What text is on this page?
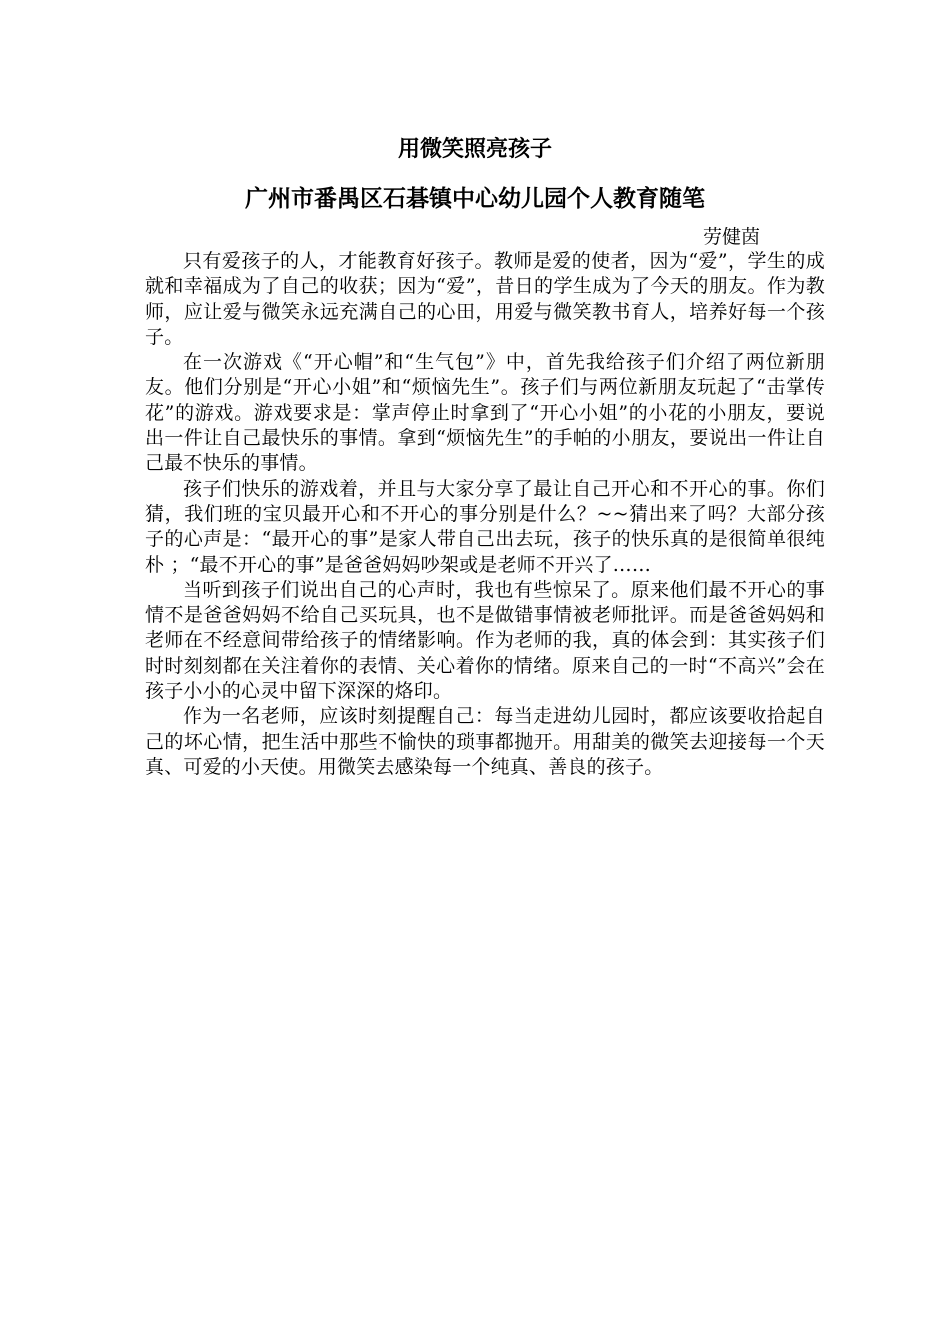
用微笑照亮孩子
广州市番禺区石碁镇中心幼儿园个人教育随笔

劳健茵

只有爱孩子的人，才能教育好孩子。教师是爱的使者，因为“爱”，学生的成就和幸福成为了自己的收获；因为“爱”，昔日的学生成为了今天的朋友。作为教师，应让爱与微笑永远充满自己的心田，用爱与微笑教书育人，培养好每一个孩子。

在一次游戏《“开心帽”和“生气包”》中，首先我给孩子们介绍了两位新朋友。他们分别是“开心小姐”和“烦恼先生”。孩子们与两位新朋友玩起了“击掌传花”的游戏。游戏要求是：掌声停止时拿到了“开心小姐”的小花的小朋友，要说出一件让自己最快乐的事情。拿到“烦恼先生”的手帕的小朋友，要说出一件让自己最不快乐的事情。

孩子们快乐的游戏着，并且与大家分享了最让自己开心和不开心的事。你们猜，我们班的宝贝最开心和不开心的事分别是什么？~~猜出来了吗？大部分孩子的心声是：“最开心的事”是家人带自己出去玩，孩子的快乐真的是很简单很纯朴 ；“最不开心的事”是爸爸妈妈吵架或是老师不开兴了……

当听到孩子们说出自己的心声时，我也有些惊呆了。原来他们最不开心的事情不是爸爸妈妈不给自己买玩具，也不是做错事情被老师批评。而是爸爸妈妈和老师在不经意间带给孩子的情绪影响。作为老师的我，真的体会到：其实孩子们时时刻刻都在关注着你的表情、关心着你的情绪。原来自己的一时“不高兴”会在孩子小小的心灵中留下深深的烙印。

作为一名老师，应该时刻提醒自己：每当走进幼儿园时，都应该要收拾起自己的坏心情，把生活中那些不愉快的琐事都抛开。用甜美的微笑去迎接每一个天真、可爱的小天使。用微笑去感染每一个纯真、善良的孩子。
